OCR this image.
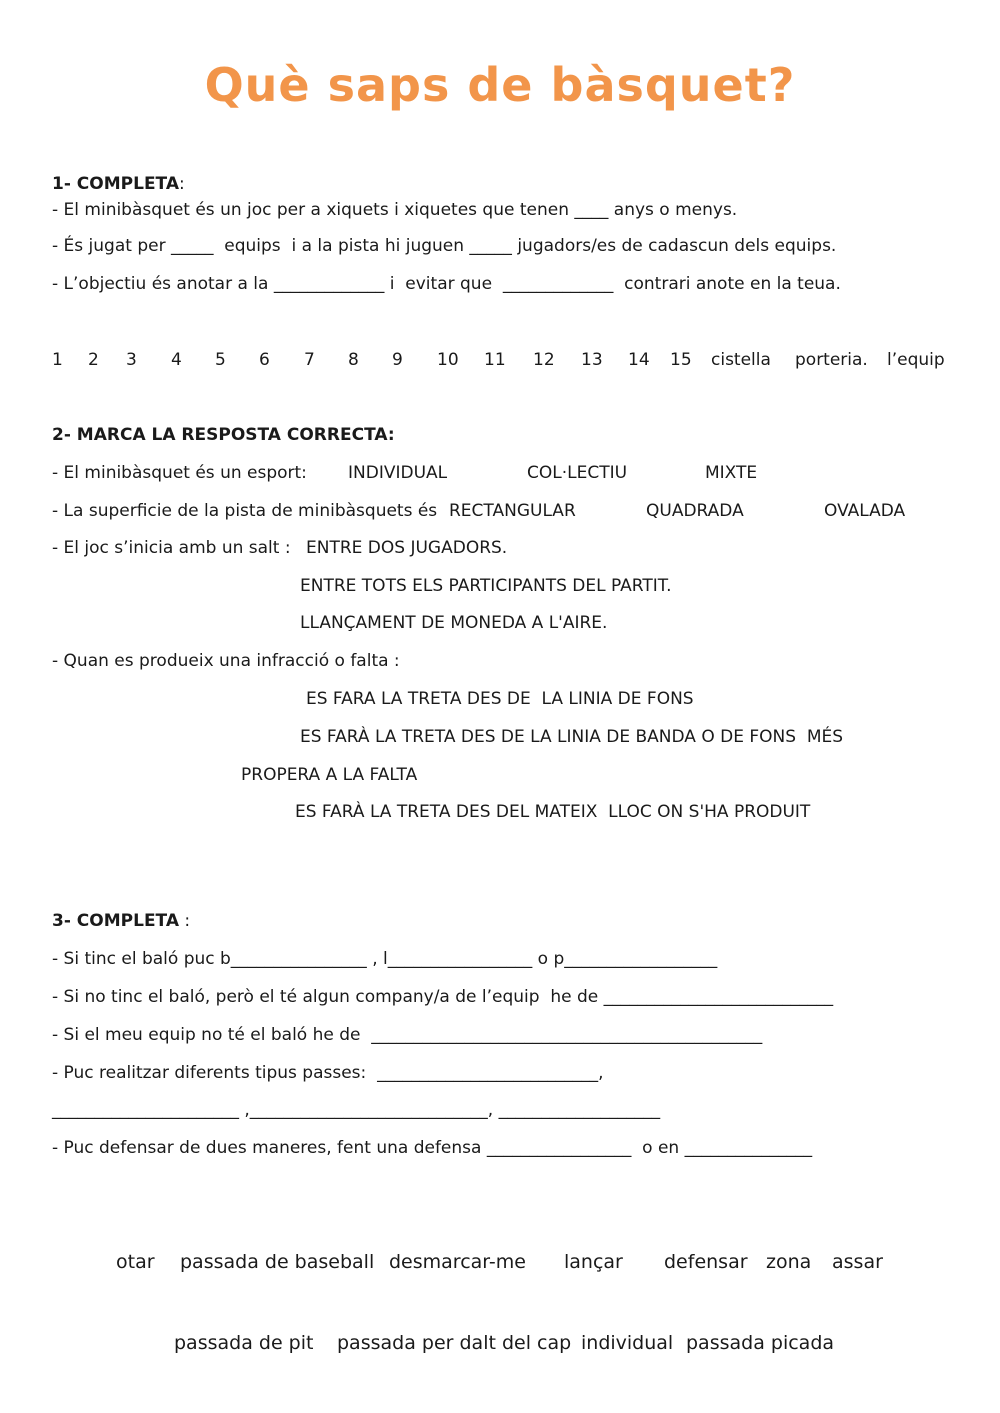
Què saps de bàsquet?
1- COMPLETA:
- El minibàsquet és un joc per a xiquets i xiquetes que tenen ____ anys o menys.
- És jugat per _____  equips  i a la pista hi juguen _____ jugadors/es de cadascun dels equips.
- L’objectiu és anotar a la _____________ i  evitar que  _____________  contrari anote en la teua.
1 2 3 4 5 6 7 8 9 10 11 12 13 14 15 cistella porteria. l’equip
2- MARCA LA RESPOSTA CORRECTA:
- El minibàsquet és un esport: INDIVIDUAL	COL·LECTIU	MIXTE
- La superficie de la pista de minibàsquets és RECTANGULAR	QUADRADA	OVALADA
- El joc s’inicia amb un salt : ENTRE DOS JUGADORS.
ENTRE TOTS ELS PARTICIPANTS DEL PARTIT.
LLANÇAMENT DE MONEDA A L'AIRE.
- Quan es produeix una infracció o falta :
ES FARA LA TRETA DES DE  LA LINIA DE FONS
ES FARÀ LA TRETA DES DE LA LINIA DE BANDA O DE FONS  MÉS
PROPERA A LA FALTA
ES FARÀ LA TRETA DES DEL MATEIX  LLOC ON S'HA PRODUIT
3- COMPLETA :
- Si tinc el baló puc b________________ , l_________________ o p__________________
- Si no tinc el baló, però el té algun company/a de l’equip  he de ___________________________
- Si el meu equip no té el baló he de  ______________________________________________
- Puc realitzar diferents tipus passes:  __________________________,
______________________ ,____________________________, ___________________
- Puc defensar de dues maneres, fent una defensa _________________  o en _______________
otar passada de baseball desmarcar-me lançar defensar zona assar
passada de pit passada per dalt del cap individual passada picada
